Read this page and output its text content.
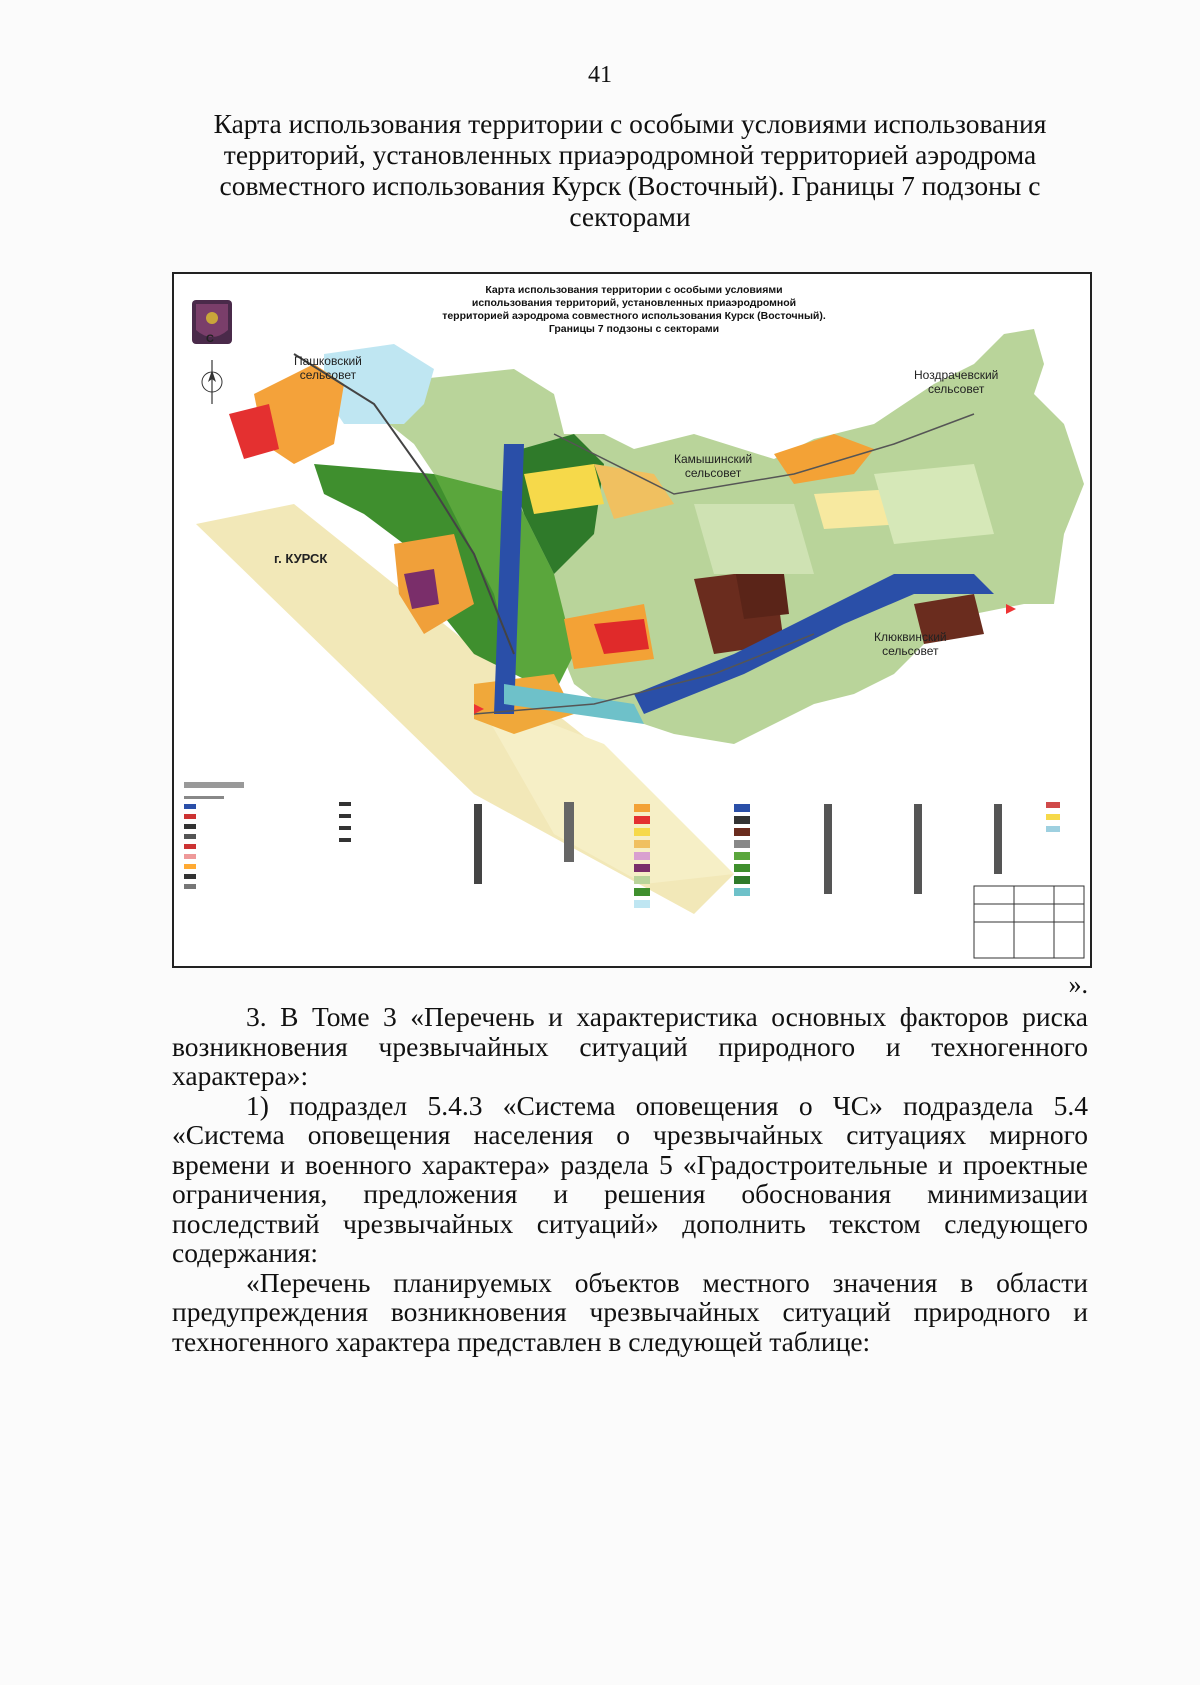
41
Карта использования территории с особыми условиями использования территорий, установленных приаэродромной территорией аэродрома совместного использования Курск (Восточный). Границы 7 подзоны с секторами
Карта использования территории с особыми условиями
использования территорий, установленных приаэродромной
территорией аэродрома совместного использования Курск (Восточный).
Границы 7 подзоны с секторами
С
Пашковский
сельсовет	Ноздрачевский
сельсовет
Камышинский
сельсовет
Клюквинский
сельсовет
г. КУРСК
».

3. В Томе 3 «Перечень и характеристика основных факторов риска возникновения чрезвычайных ситуаций природного и техногенного характера»:

1) подраздел 5.4.3 «Система оповещения о ЧС» подраздела 5.4 «Система оповещения населения о чрезвычайных ситуациях мирного времени и военного характера» раздела 5 «Градостроительные и проектные ограничения, предложения и решения обоснования минимизации последствий чрезвычайных ситуаций» дополнить текстом следующего содержания:

«Перечень планируемых объектов местного значения в области предупреждения возникновения чрезвычайных ситуаций природного и техногенного характера представлен в следующей таблице:
